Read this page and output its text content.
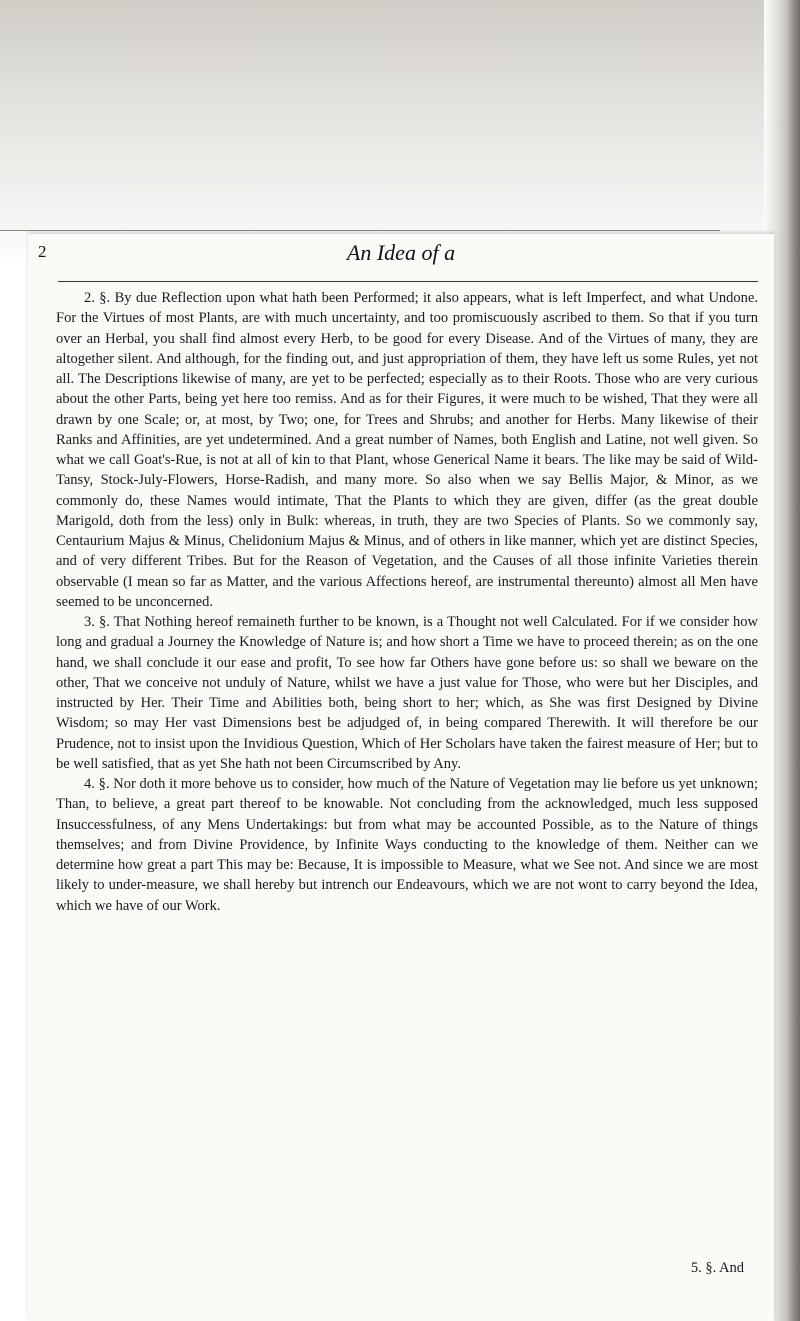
2	An Idea of a

2. §. By due Reflection upon what hath been Performed; it also appears, what is left Imperfect, and what Undone. For the Virtues of most Plants, are with much uncertainty, and too promiscuously ascribed to them. So that if you turn over an Herbal, you shall find almost every Herb, to be good for every Disease. And of the Virtues of many, they are altogether silent. And although, for the finding out, and just appropriation of them, they have left us some Rules, yet not all. The Descriptions likewise of many, are yet to be perfected; especially as to their Roots. Those who are very curious about the other Parts, being yet here too remiss. And as for their Figures, it were much to be wished, That they were all drawn by one Scale; or, at most, by Two; one, for Trees and Shrubs; and another for Herbs. Many likewise of their Ranks and Affinities, are yet undetermined. And a great number of Names, both English and Latine, not well given. So what we call Goat's-Rue, is not at all of kin to that Plant, whose Generical Name it bears. The like may be said of Wild-Tansy, Stock-July-Flowers, Horse-Radish, and many more. So also when we say Bellis Major, & Minor, as we commonly do, these Names would intimate, That the Plants to which they are given, differ (as the great double Marigold, doth from the less) only in Bulk: whereas, in truth, they are two Species of Plants. So we commonly say, Centaurium Majus & Minus, Chelidonium Majus & Minus, and of others in like manner, which yet are distinct Species, and of very different Tribes. But for the Reason of Vegetation, and the Causes of all those infinite Varieties therein observable (I mean so far as Matter, and the various Affections hereof, are instrumental thereunto) almost all Men have seemed to be unconcerned.

3. §. That Nothing hereof remaineth further to be known, is a Thought not well Calculated. For if we consider how long and gradual a Journey the Knowledge of Nature is; and how short a Time we have to proceed therein; as on the one hand, we shall conclude it our ease and profit, To see how far Others have gone before us: so shall we beware on the other, That we conceive not unduly of Nature, whilst we have a just value for Those, who were but her Disciples, and instructed by Her. Their Time and Abilities both, being short to her; which, as She was first Designed by Divine Wisdom; so may Her vast Dimensions best be adjudged of, in being compared Therewith. It will therefore be our Prudence, not to insist upon the Invidious Question, Which of Her Scholars have taken the fairest measure of Her; but to be well satisfied, that as yet She hath not been Circumscribed by Any.

4. §. Nor doth it more behove us to consider, how much of the Nature of Vegetation may lie before us yet unknown; Than, to believe, a great part thereof to be knowable. Not concluding from the acknowledged, much less supposed Insuccessfulness, of any Mens Undertakings: but from what may be accounted Possible, as to the Nature of things themselves; and from Divine Providence, by Infinite Ways conducting to the knowledge of them. Neither can we determine how great a part This may be: Because, It is impossible to Measure, what we See not. And since we are most likely to under-measure, we shall hereby but intrench our Endeavours, which we are not wont to carry beyond the Idea, which we have of our Work.

5. §. And
